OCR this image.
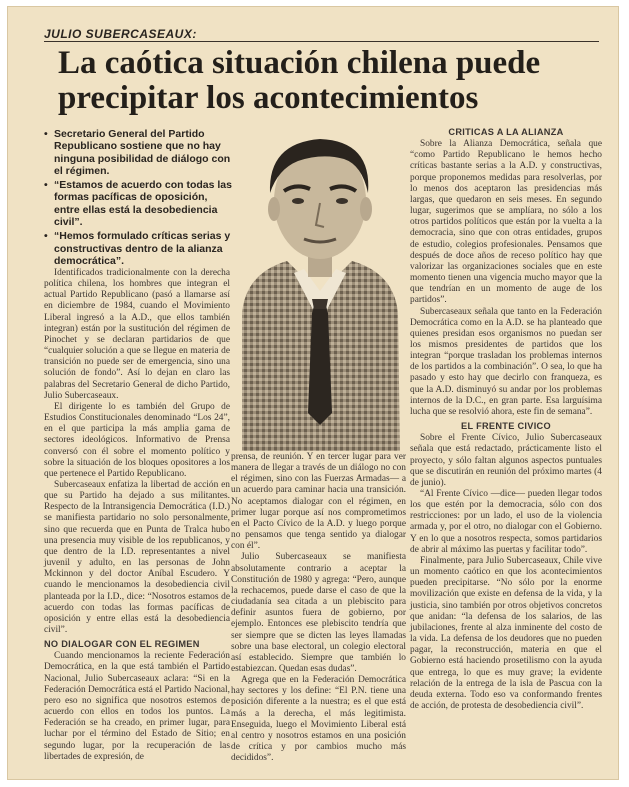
JULIO SUBERCASEAUX:
La caótica situación chilena puede precipitar los acontecimientos
• Secretario General del Partido Republicano sostiene que no hay ninguna posibilidad de diálogo con el régimen.
• “Estamos de acuerdo con todas las formas pacíficas de oposición, entre ellas está la desobediencia civil”.
• “Hemos formulado críticas serias y constructivas dentro de la alianza democrática”.

Identificados tradicionalmente con la derecha política chilena, los hombres que integran el actual Partido Republicano (pasó a llamarse así en diciembre de 1984, cuando el Movimiento Liberal ingresó a la A.D., que ellos también integran) están por la sustitución del régimen de Pinochet y se declaran partidarios de que “cualquier solución a que se llegue en materia de transición no puede ser de emergencia, sino una solución de fondo”. Así lo dejan en claro las palabras del Secretario General de dicho Partido, Julio Subercaseaux.

El dirigente lo es también del Grupo de Estudios Constitucionales denominado “Los 24”, en el que participa la más amplia gama de sectores ideológicos. Informativo de Prensa conversó con él sobre el momento político y sobre la situación de los bloques opositores a los que pertenece el Partido Republicano.

Subercaseaux enfatiza la libertad de acción en que su Partido ha dejado a sus militantes. Respecto de la Intransigencia Democrática (I.D.) se manifiesta partidario no solo personalmente, sino que recuerda que en Punta de Tralca hubo una presencia muy visible de los republicanos, y que dentro de la I.D. representantes a nivel juvenil y adulto, en las personas de John Mckinnon y del doctor Aníbal Escudero. Y cuando le mencionamos la desobediencia civil planteada por la I.D., dice: “Nosotros estamos de acuerdo con todas las formas pacíficas de oposición y entre ellas está la desobediencia civil”.

NO DIALOGAR CON EL REGIMEN

Cuando mencionamos la reciente Federación Democrática, en la que está también el Partido Nacional, Julio Subercaseaux aclara: “Si en la Federación Democrática está el Partido Nacional, pero eso no significa que nosotros estemos de acuerdo con ellos en todos los puntos. La Federación se ha creado, en primer lugar, para luchar por el término del Estado de Sitio; en segundo lugar, por la recuperación de las libertades de expresión, de

prensa, de reunión. Y en tercer lugar para ver manera de llegar a través de un diálogo no con el régimen, sino con las Fuerzas Armadas— a un acuerdo para caminar hacia una transición. No aceptamos dialogar con el régimen, en primer lugar porque así nos comprometimos en el Pacto Cívico de la A.D. y luego porque no pensamos que tenga sentido ya dialogar con él”.

Julio Subercaseaux se manifiesta absolutamente contrario a aceptar la Constitución de 1980 y agrega: “Pero, aunque la rechacemos, puede darse el caso de que la ciudadanía sea citada a un plebiscito para definir asuntos fuera de gobierno, por ejemplo. Entonces ese plebiscito tendría que ser siempre que se dicten las leyes llamadas sobre una base electoral, un colegio electoral así establecido. Siempre que también lo estabiezcan. Quedan esas dudas”.

Agrega que en la Federación Democrática hay sectores y los define: “El P.N. tiene una posición diferente a la nuestra; es el que está más a la derecha, el más legitimista. Enseguida, luego el Movimiento Liberal está al centro y nosotros estamos en una posición de crítica y por cambios mucho más decididos”.

CRITICAS A LA ALIANZA

Sobre la Alianza Democrática, señala que “como Partido Republicano le hemos hecho críticas bastante serias a la A.D. y constructivas, porque proponemos medidas para resolverlas, por lo menos dos aceptaron las presidencias más largas, que quedaron en seis meses. En segundo lugar, sugerimos que se amplíara, no sólo a los otros partidos políticos que están por la vuelta a la democracia, sino que con otras entidades, grupos de estudio, colegios profesionales. Pensamos que después de doce años de receso político hay que valorizar las organizaciones sociales que en este momento tienen una vigencia mucho mayor que la que tendrían en un momento de auge de los partidos”.

Subercaseaux señala que tanto en la Federación Democrática como en la A.D. se ha planteado que quienes presidan esos organismos no puedan ser los mismos presidentes de partidos que los integran “porque trasladan los problemas internos de los partidos a la combinación”. O sea, lo que ha pasado y esto hay que decirlo con franqueza, es que la A.D. disminuyó su andar por los problemas internos de la D.C., en gran parte. Esa larguísima lucha que se resolvió ahora, este fin de semana”.

EL FRENTE CIVICO

Sobre el Frente Cívico, Julio Subercaseaux señala que está redactado, prácticamente listo el proyecto, y sólo faltan algunos aspectos puntuales que se discutirán en reunión del próximo martes (4 de junio).

“Al Frente Cívico —dice— pueden llegar todos los que estén por la democracia, sólo con dos restricciones: por un lado, el uso de la violencia armada y, por el otro, no dialogar con el Gobierno. Y en lo que a nosotros respecta, somos partidarios de abrir al máximo las puertas y facilitar todo”.

Finalmente, para Julio Subercaseaux, Chile vive un momento caótico en que los acontecimientos pueden precipitarse. “No sólo por la enorme movilización que existe en defensa de la vida, y la justicia, sino también por otros objetivos concretos que anidan: “la defensa de los salarios, de las jubilaciones, frente al alza inminente del costo de la vida. La defensa de los deudores que no pueden pagar, la reconstrucción, materia en que el Gobierno está haciendo prosetilismo con la ayuda que entrega, lo que es muy grave; la evidente relación de la entrega de la isla de Pascua con la deuda externa. Todo eso va conformando frentes de acción, de protesta de desobediencia civil”.
